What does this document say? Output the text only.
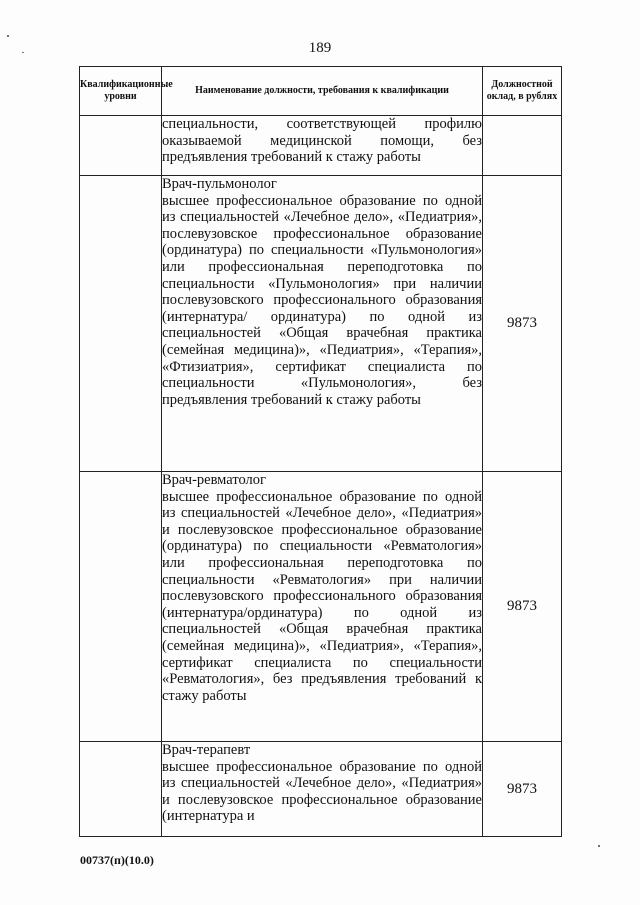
189
Квалификационные уровни	Наименование должности, требования к квалификации	Должностной оклад, в рублях

	специальности, соответствующей профилю оказываемой медицинской помощи, без предъявления требований к стажу работы	

	Врач-пульмонолог
высшее профессиональное образование по одной из специальностей «Лечебное дело», «Педиатрия», послевузовское профессиональное образование (ординатура) по специальности «Пульмонология» или профессиональная переподготовка по специальности «Пульмонология» при наличии послевузовского профессионального образования (интернатура/ ординатура) по одной из специальностей «Общая врачебная практика (семейная медицина)», «Педиатрия», «Терапия», «Фтизиатрия», сертификат специалиста по специальности «Пульмонология», без предъявления требований к стажу работы	9873

	Врач-ревматолог
высшее профессиональное образование по одной из специальностей «Лечебное дело», «Педиатрия» и послевузовское профессиональное образование (ординатура) по специальности «Ревматология» или профессиональная переподготовка по специальности «Ревматология» при наличии послевузовского профессионального образования (интернатура/ординатура) по одной из специальностей «Общая врачебная практика (семейная медицина)», «Педиатрия», «Терапия», сертификат специалиста по специальности «Ревматология», без предъявления требований к стажу работы	9873

	Врач-терапевт
высшее профессиональное образование по одной из специальностей «Лечебное дело», «Педиатрия» и послевузовское профессиональное образование (интернатура и	9873
00737(п)(10.0)
